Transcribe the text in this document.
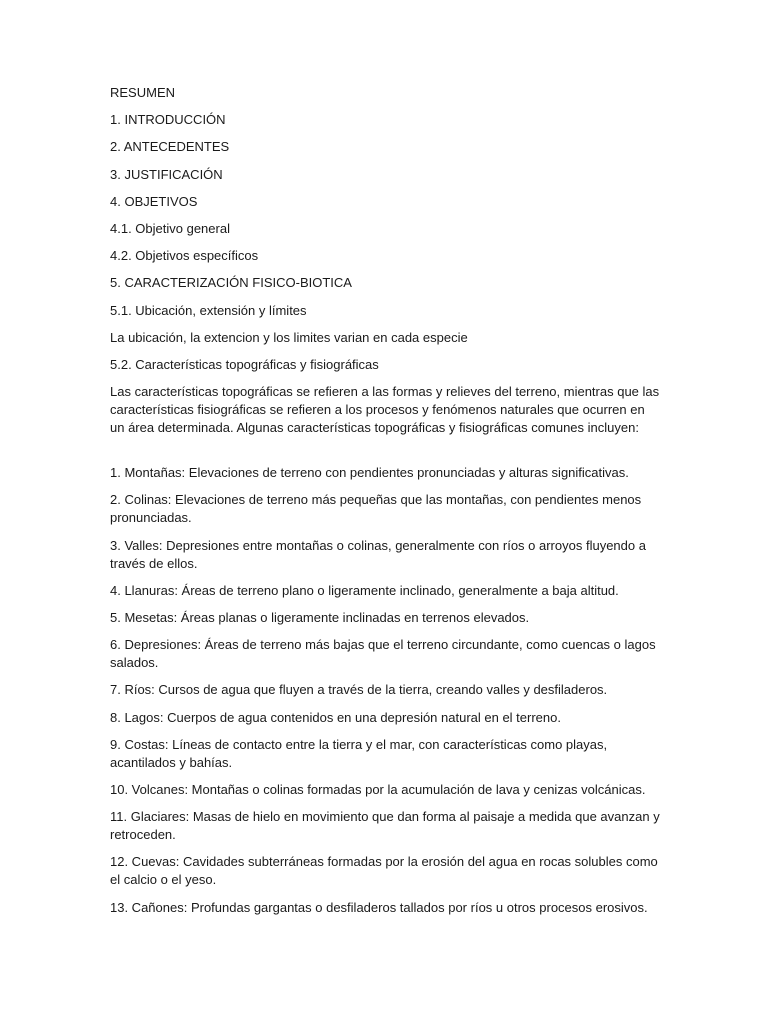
RESUMEN
1. INTRODUCCIÓN
2. ANTECEDENTES
3. JUSTIFICACIÓN
4. OBJETIVOS
4.1. Objetivo general
4.2. Objetivos específicos
5. CARACTERIZACIÓN FISICO-BIOTICA
5.1. Ubicación, extensión y límites
La ubicación, la extencion y los limites varian en cada especie
5.2. Características topográficas y fisiográficas
Las características topográficas se refieren a las formas y relieves del terreno, mientras que las características fisiográficas se refieren a los procesos y fenómenos naturales que ocurren en un área determinada. Algunas características topográficas y fisiográficas comunes incluyen:
1. Montañas: Elevaciones de terreno con pendientes pronunciadas y alturas significativas.
2. Colinas: Elevaciones de terreno más pequeñas que las montañas, con pendientes menos pronunciadas.
3. Valles: Depresiones entre montañas o colinas, generalmente con ríos o arroyos fluyendo a través de ellos.
4. Llanuras: Áreas de terreno plano o ligeramente inclinado, generalmente a baja altitud.
5. Mesetas: Áreas planas o ligeramente inclinadas en terrenos elevados.
6. Depresiones: Áreas de terreno más bajas que el terreno circundante, como cuencas o lagos salados.
7. Ríos: Cursos de agua que fluyen a través de la tierra, creando valles y desfiladeros.
8. Lagos: Cuerpos de agua contenidos en una depresión natural en el terreno.
9. Costas: Líneas de contacto entre la tierra y el mar, con características como playas, acantilados y bahías.
10. Volcanes: Montañas o colinas formadas por la acumulación de lava y cenizas volcánicas.
11. Glaciares: Masas de hielo en movimiento que dan forma al paisaje a medida que avanzan y retroceden.
12. Cuevas: Cavidades subterráneas formadas por la erosión del agua en rocas solubles como el calcio o el yeso.
13. Cañones: Profundas gargantas o desfiladeros tallados por ríos u otros procesos erosivos.
